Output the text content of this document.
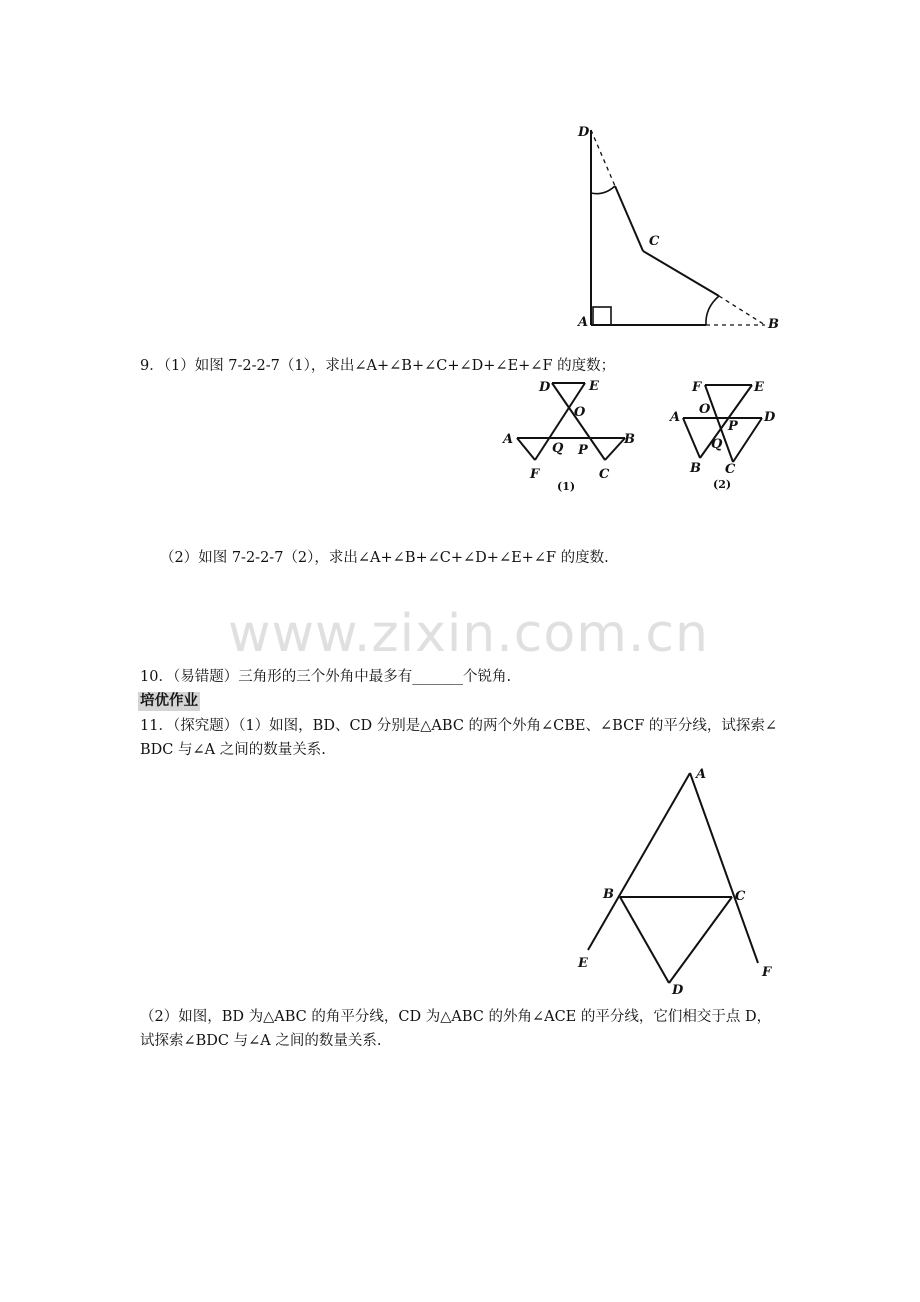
9．（1）如图 7-2-2-7（1），求出∠A+∠B+∠C+∠D+∠E+∠F 的度数；
（2）如图 7-2-2-7（2），求出∠A+∠B+∠C+∠D+∠E+∠F 的度数.
www.zixin.com.cn
10．（易错题）三角形的三个外角中最多有_______个锐角.
培优作业
11．（探究题）（1）如图，BD、CD 分别是△ABC 的两个外角∠CBE、∠BCF 的平分线，试探索∠
BDC 与∠A 之间的数量关系.
（2）如图，BD 为△ABC 的角平分线，CD 为△ABC 的外角∠ACE 的平分线，它们相交于点 D，
试探索∠BDC 与∠A 之间的数量关系.
D
C
A	B
D	E
O
A
Q P
B
F	C
(1)
F	E
A
O
D
P
Q
B C
(2)
A
B	C
E
F
D
